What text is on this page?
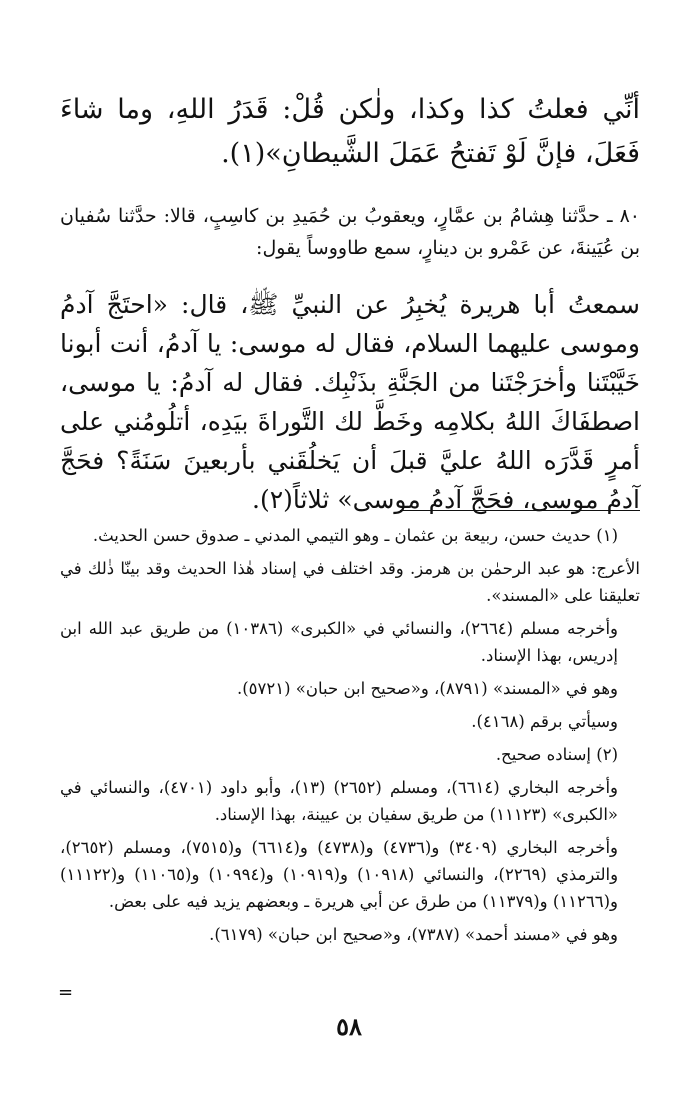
أنِّي فعلتُ كذا وكذا، ولٰكن قُلْ: قَدَرُ اللهِ، وما شاءَ فَعَلَ، فإنَّ لَوْ تَفتحُ عَمَلَ الشَّيطانِ»(١).

٨٠ ـ حدَّثنا هِشامُ بن عمَّارٍ، ويعقوبُ بن حُمَيدِ بن كاسِبٍ، قالا: حدَّثنا سُفيان بن عُيَينةَ، عن عَمْرو بن دينارٍ، سمع طاووساً يقول:

سمعتُ أبا هريرة يُخبِرُ عن النبيِّ ﷺ، قال: «احتَجَّ آدمُ وموسى عليهما السلام، فقال له موسى: يا آدمُ، أنت أبونا خَيَّبْتَنا وأخرَجْتَنا من الجَنَّةِ بذَنْبِك. فقال له آدمُ: يا موسى، اصطفَاكَ اللهُ بكلامِه وخَطَّ لك التَّوراةَ بيَدِه، أتلُومُني على أمرٍ قَدَّرَه اللهُ عليَّ قبلَ أن يَخلُقَني بأربعينَ سَنَةً؟ فحَجَّ آدمُ موسى، فحَجَّ آدمُ موسى» ثلاثاً(٢).

(١) حديث حسن، ربيعة بن عثمان ـ وهو التيمي المدني ـ صدوق حسن الحديث.

الأعرج: هو عبد الرحمٰن بن هرمز. وقد اختلف في إسناد هٰذا الحديث وقد بينّا ذٰلك في تعليقنا على «المسند».

وأخرجه مسلم (٢٦٦٤)، والنسائي في «الكبرى» (١٠٣٨٦) من طريق عبد الله ابن إدريس، بهذا الإسناد.

وهو في «المسند» (٨٧٩١)، و«صحيح ابن حبان» (٥٧٢١).

وسيأتي برقم (٤١٦٨).

(٢) إسناده صحيح.

وأخرجه البخاري (٦٦١٤)، ومسلم (٢٦٥٢) (١٣)، وأبو داود (٤٧٠١)، والنسائي في «الكبرى» (١١١٢٣) من طريق سفيان بن عيينة، بهذا الإسناد.

وأخرجه البخاري (٣٤٠٩) و(٤٧٣٦) و(٤٧٣٨) و(٦٦١٤) و(٧٥١٥)، ومسلم (٢٦٥٢)، والترمذي (٢٢٦٩)، والنسائي (١٠٩١٨) و(١٠٩١٩) و(١٠٩٩٤) و(١١٠٦٥) و(١١١٢٢) و(١١٢٦٦) و(١١٣٧٩) من طرق عن أبي هريرة ـ وبعضهم يزيد فيه على بعض.

وهو في «مسند أحمد» (٧٣٨٧)، و«صحيح ابن حبان» (٦١٧٩).

=
٥٨
